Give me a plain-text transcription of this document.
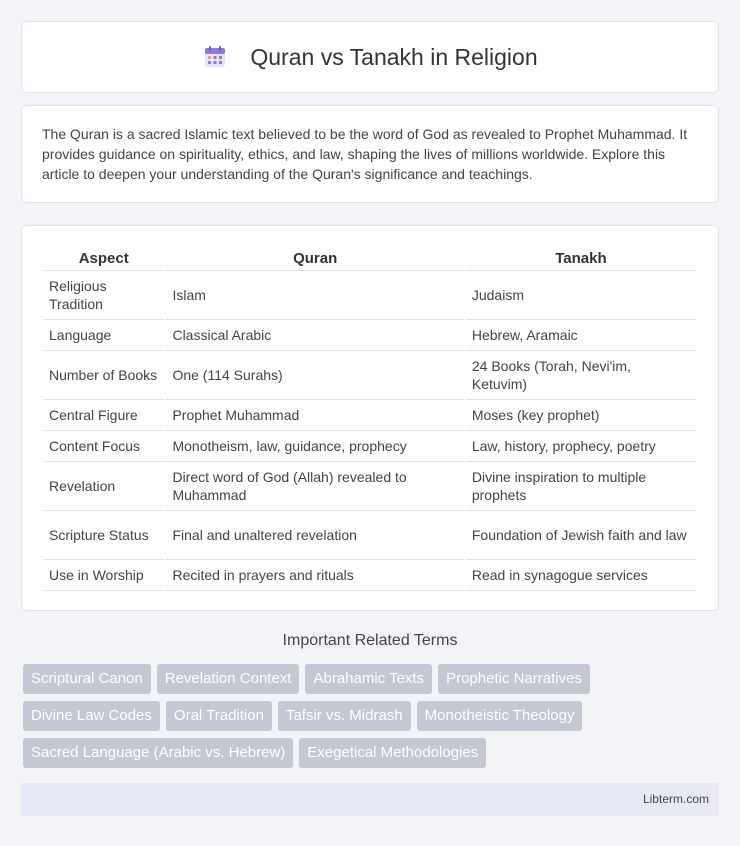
Quran vs Tanakh in Religion

The Quran is a sacred Islamic text believed to be the word of God as revealed to Prophet Muhammad. It provides guidance on spirituality, ethics, and law, shaping the lives of millions worldwide. Explore this article to deepen your understanding of the Quran's significance and teachings.

Aspect	Quran	Tanakh
Religious Tradition	Islam	Judaism
Language	Classical Arabic	Hebrew, Aramaic
Number of Books	One (114 Surahs)	24 Books (Torah, Nevi'im, Ketuvim)
Central Figure	Prophet Muhammad	Moses (key prophet)
Content Focus	Monotheism, law, guidance, prophecy	Law, history, prophecy, poetry
Revelation	Direct word of God (Allah) revealed to Muhammad	Divine inspiration to multiple prophets
Scripture Status	Final and unaltered revelation	Foundation of Jewish faith and law
Use in Worship	Recited in prayers and rituals	Read in synagogue services
Important Related Terms
Scriptural Canon	Revelation Context	Abrahamic Texts	Prophetic Narratives
Divine Law Codes	Oral Tradition	Tafsir vs. Midrash	Monotheistic Theology
Sacred Language (Arabic vs. Hebrew)	Exegetical Methodologies
Libterm.com
